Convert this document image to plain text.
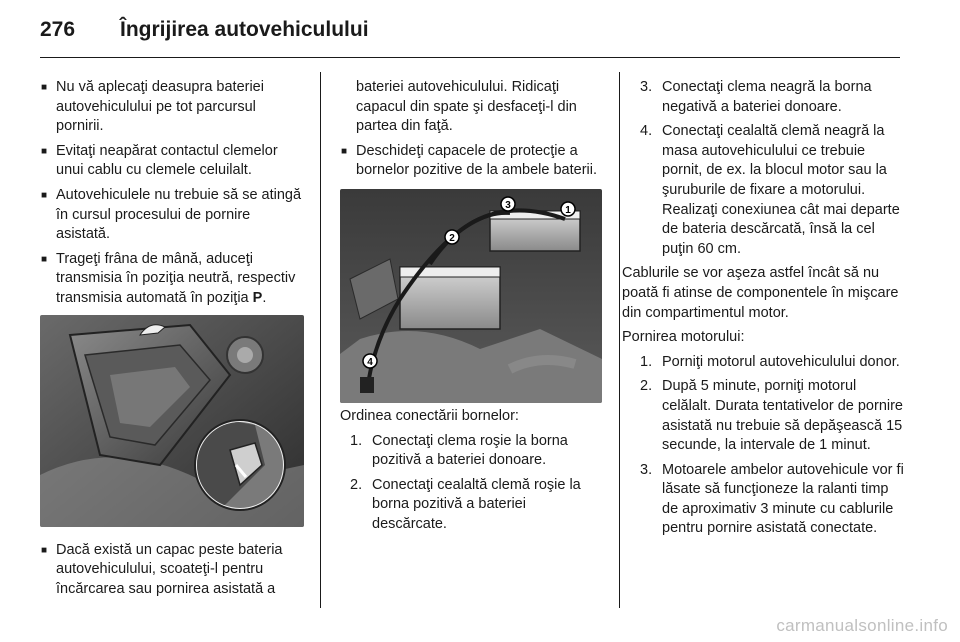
276 Îngrijirea autovehiculului
■ Nu vă aplecaţi deasupra bateriei autovehiculului pe tot parcursul pornirii.
■ Evitaţi neapărat contactul clemelor unui cablu cu clemele celuilalt.
■ Autovehiculele nu trebuie să se atingă în cursul procesului de pornire asistată.
■ Trageţi frâna de mână, aduceţi transmisia în poziţia neutră, respectiv transmisia automată în poziţia P.
■ Dacă există un capac peste bateria autovehiculului, scoateţi-l pentru încărcarea sau pornirea asistată a
bateriei autovehiculului. Ridicaţi capacul din spate şi desfaceţi-l din partea din faţă.
■ Deschideţi capacele de protecţie a bornelor pozitive de la ambele baterii.
1
2
3
4

Ordinea conectării bornelor:

1. Conectaţi clema roşie la borna pozitivă a bateriei donoare.
2. Conectaţi cealaltă clemă roşie la borna pozitivă a bateriei descărcate.
3. Conectaţi clema neagră la borna negativă a bateriei donoare.
4. Conectaţi cealaltă clemă neagră la masa autovehiculului ce trebuie pornit, de ex. la blocul motor sau la şuruburile de fixare a motorului. Realizaţi conexiunea cât mai departe de bateria descărcată, însă la cel puţin 60 cm.

Cablurile se vor aşeza astfel încât să nu poată fi atinse de componentele în mişcare din compartimentul motor.

Pornirea motorului:

1. Porniţi motorul autovehiculului donor.
2. După 5 minute, porniţi motorul celălalt. Durata tentativelor de pornire asistată nu trebuie să depăşească 15 secunde, la intervale de 1 minut.
3. Motoarele ambelor autovehicule vor fi lăsate să funcţioneze la ralanti timp de aproximativ 3 minute cu cablurile pentru pornire asistată conectate.
carmanualsonline.info
